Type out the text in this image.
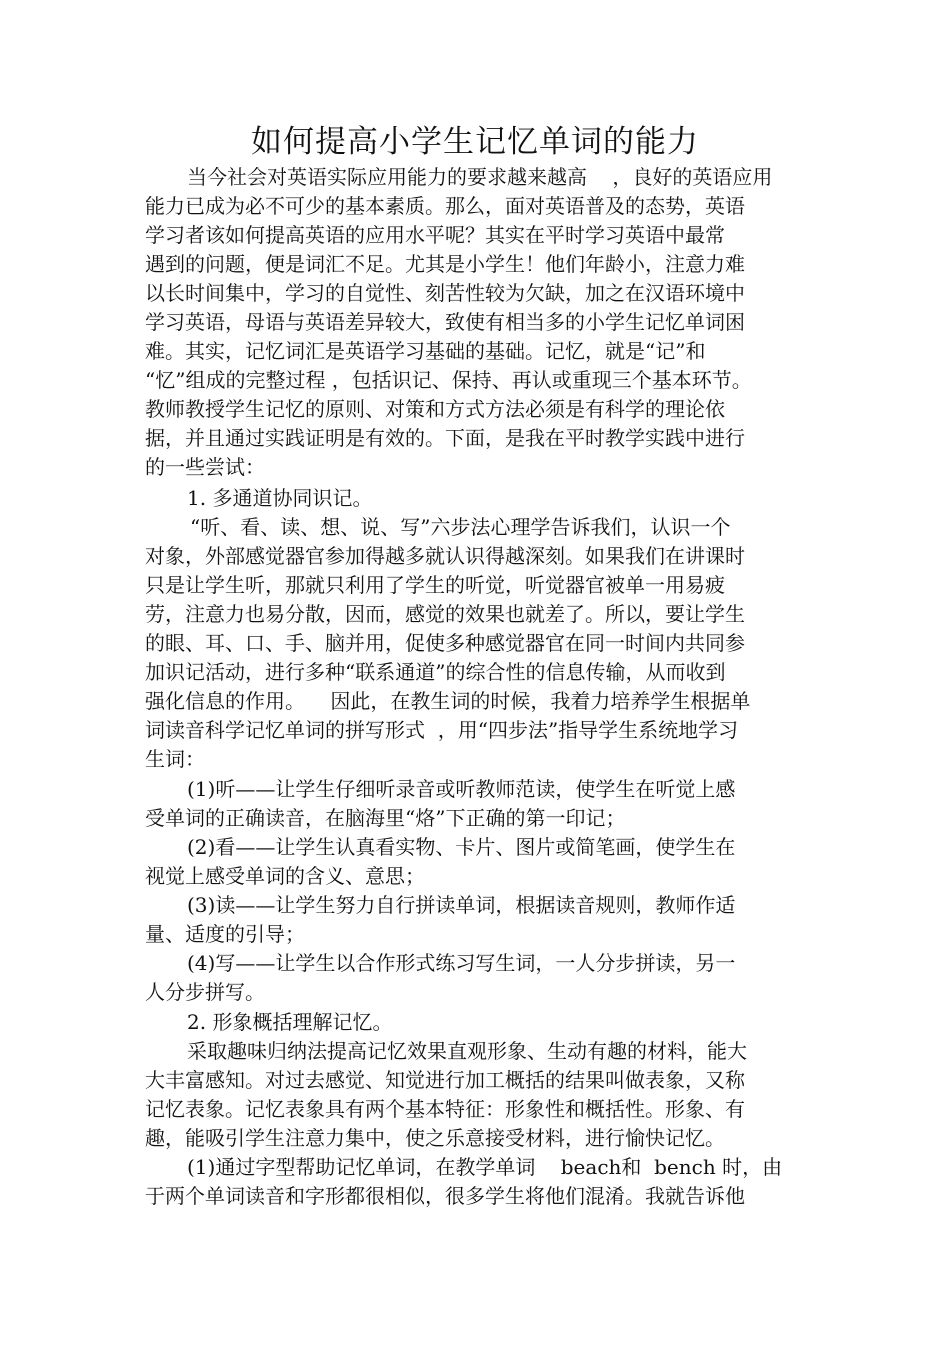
如何提高小学生记忆单词的能力
当今社会对英语实际应用能力的要求越来越高    ，良好的英语应用
能力已成为必不可少的基本素质。那么，面对英语普及的态势，英语
学习者该如何提高英语的应用水平呢？其实在平时学习英语中最常
遇到的问题，便是词汇不足。尤其是小学生！他们年龄小，注意力难
以长时间集中，学习的自觉性、刻苦性较为欠缺，加之在汉语环境中
学习英语，母语与英语差异较大，致使有相当多的小学生记忆单词困
难。其实，记忆词汇是英语学习基础的基础。记忆，就是“记”和
“忆”组成的完整过程 ，包括识记、保持、再认或重现三个基本环节。
教师教授学生记忆的原则、对策和方式方法必须是有科学的理论依
据，并且通过实践证明是有效的。下面，是我在平时教学实践中进行
的一些尝试：
1. 多通道协同识记。
“听、看、读、想、说、写”六步法心理学告诉我们，认识一个
对象，外部感觉器官参加得越多就认识得越深刻。如果我们在讲课时
只是让学生听，那就只利用了学生的听觉，听觉器官被单一用易疲
劳，注意力也易分散，因而，感觉的效果也就差了。所以，要让学生
的眼、耳、口、手、脑并用，促使多种感觉器官在同一时间内共同参
加识记活动，进行多种“联系通道”的综合性的信息传输，从而收到
强化信息的作用。    因此，在教生词的时候，我着力培养学生根据单
词读音科学记忆单词的拼写形式  ，用“四步法”指导学生系统地学习
生词：
(1)听——让学生仔细听录音或听教师范读，使学生在听觉上感
受单词的正确读音，在脑海里“烙”下正确的第一印记；
(2)看——让学生认真看实物、卡片、图片或简笔画，使学生在
视觉上感受单词的含义、意思；
(3)读——让学生努力自行拼读单词，根据读音规则，教师作适
量、适度的引导；
(4)写——让学生以合作形式练习写生词，一人分步拼读，另一
人分步拼写。
2. 形象概括理解记忆。
采取趣味归纳法提高记忆效果直观形象、生动有趣的材料，能大
大丰富感知。对过去感觉、知觉进行加工概括的结果叫做表象，又称
记忆表象。记忆表象具有两个基本特征：形象性和概括性。形象、有
趣，能吸引学生注意力集中，使之乐意接受材料，进行愉快记忆。
(1)通过字型帮助记忆单词，在教学单词    beach和  bench 时，由
于两个单词读音和字形都很相似，很多学生将他们混淆。我就告诉他
